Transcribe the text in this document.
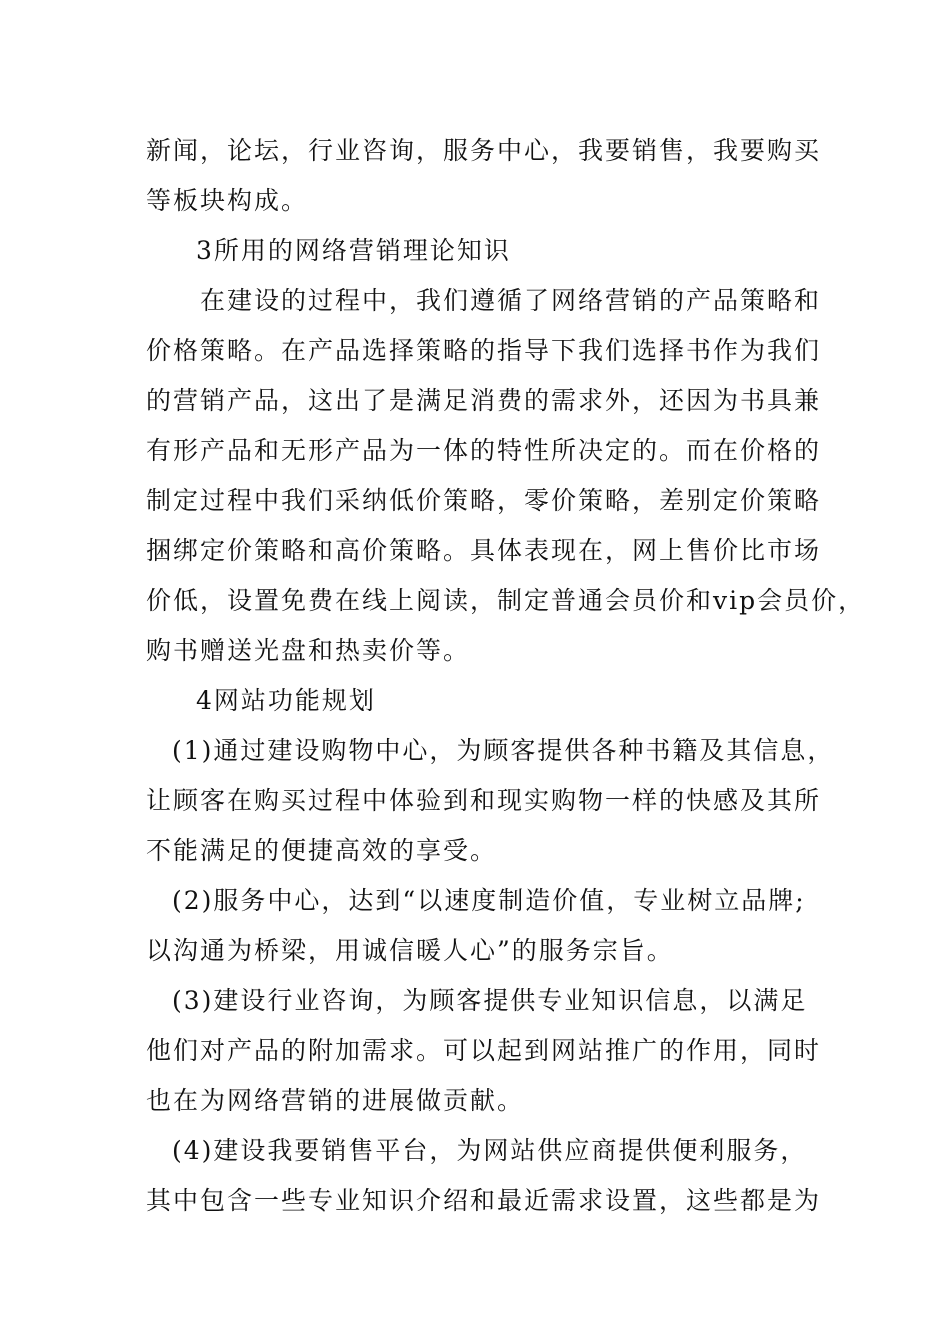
新闻，论坛，行业咨询，服务中心，我要销售，我要购买
等板块构成。
3所用的网络营销理论知识
在建设的过程中，我们遵循了网络营销的产品策略和
价格策略。在产品选择策略的指导下我们选择书作为我们
的营销产品，这出了是满足消费的需求外，还因为书具兼
有形产品和无形产品为一体的特性所决定的。而在价格的
制定过程中我们采纳低价策略，零价策略，差别定价策略
捆绑定价策略和高价策略。具体表现在，网上售价比市场
价低，设置免费在线上阅读，制定普通会员价和vip会员价，
购书赠送光盘和热卖价等。
4网站功能规划
(1)通过建设购物中心，为顾客提供各种书籍及其信息，
让顾客在购买过程中体验到和现实购物一样的快感及其所
不能满足的便捷高效的享受。
(2)服务中心，达到“以速度制造价值，专业树立品牌;
以沟通为桥梁，用诚信暖人心”的服务宗旨。
(3)建设行业咨询，为顾客提供专业知识信息，以满足
他们对产品的附加需求。可以起到网站推广的作用，同时
也在为网络营销的进展做贡献。
(4)建设我要销售平台，为网站供应商提供便利服务，
其中包含一些专业知识介绍和最近需求设置，这些都是为
